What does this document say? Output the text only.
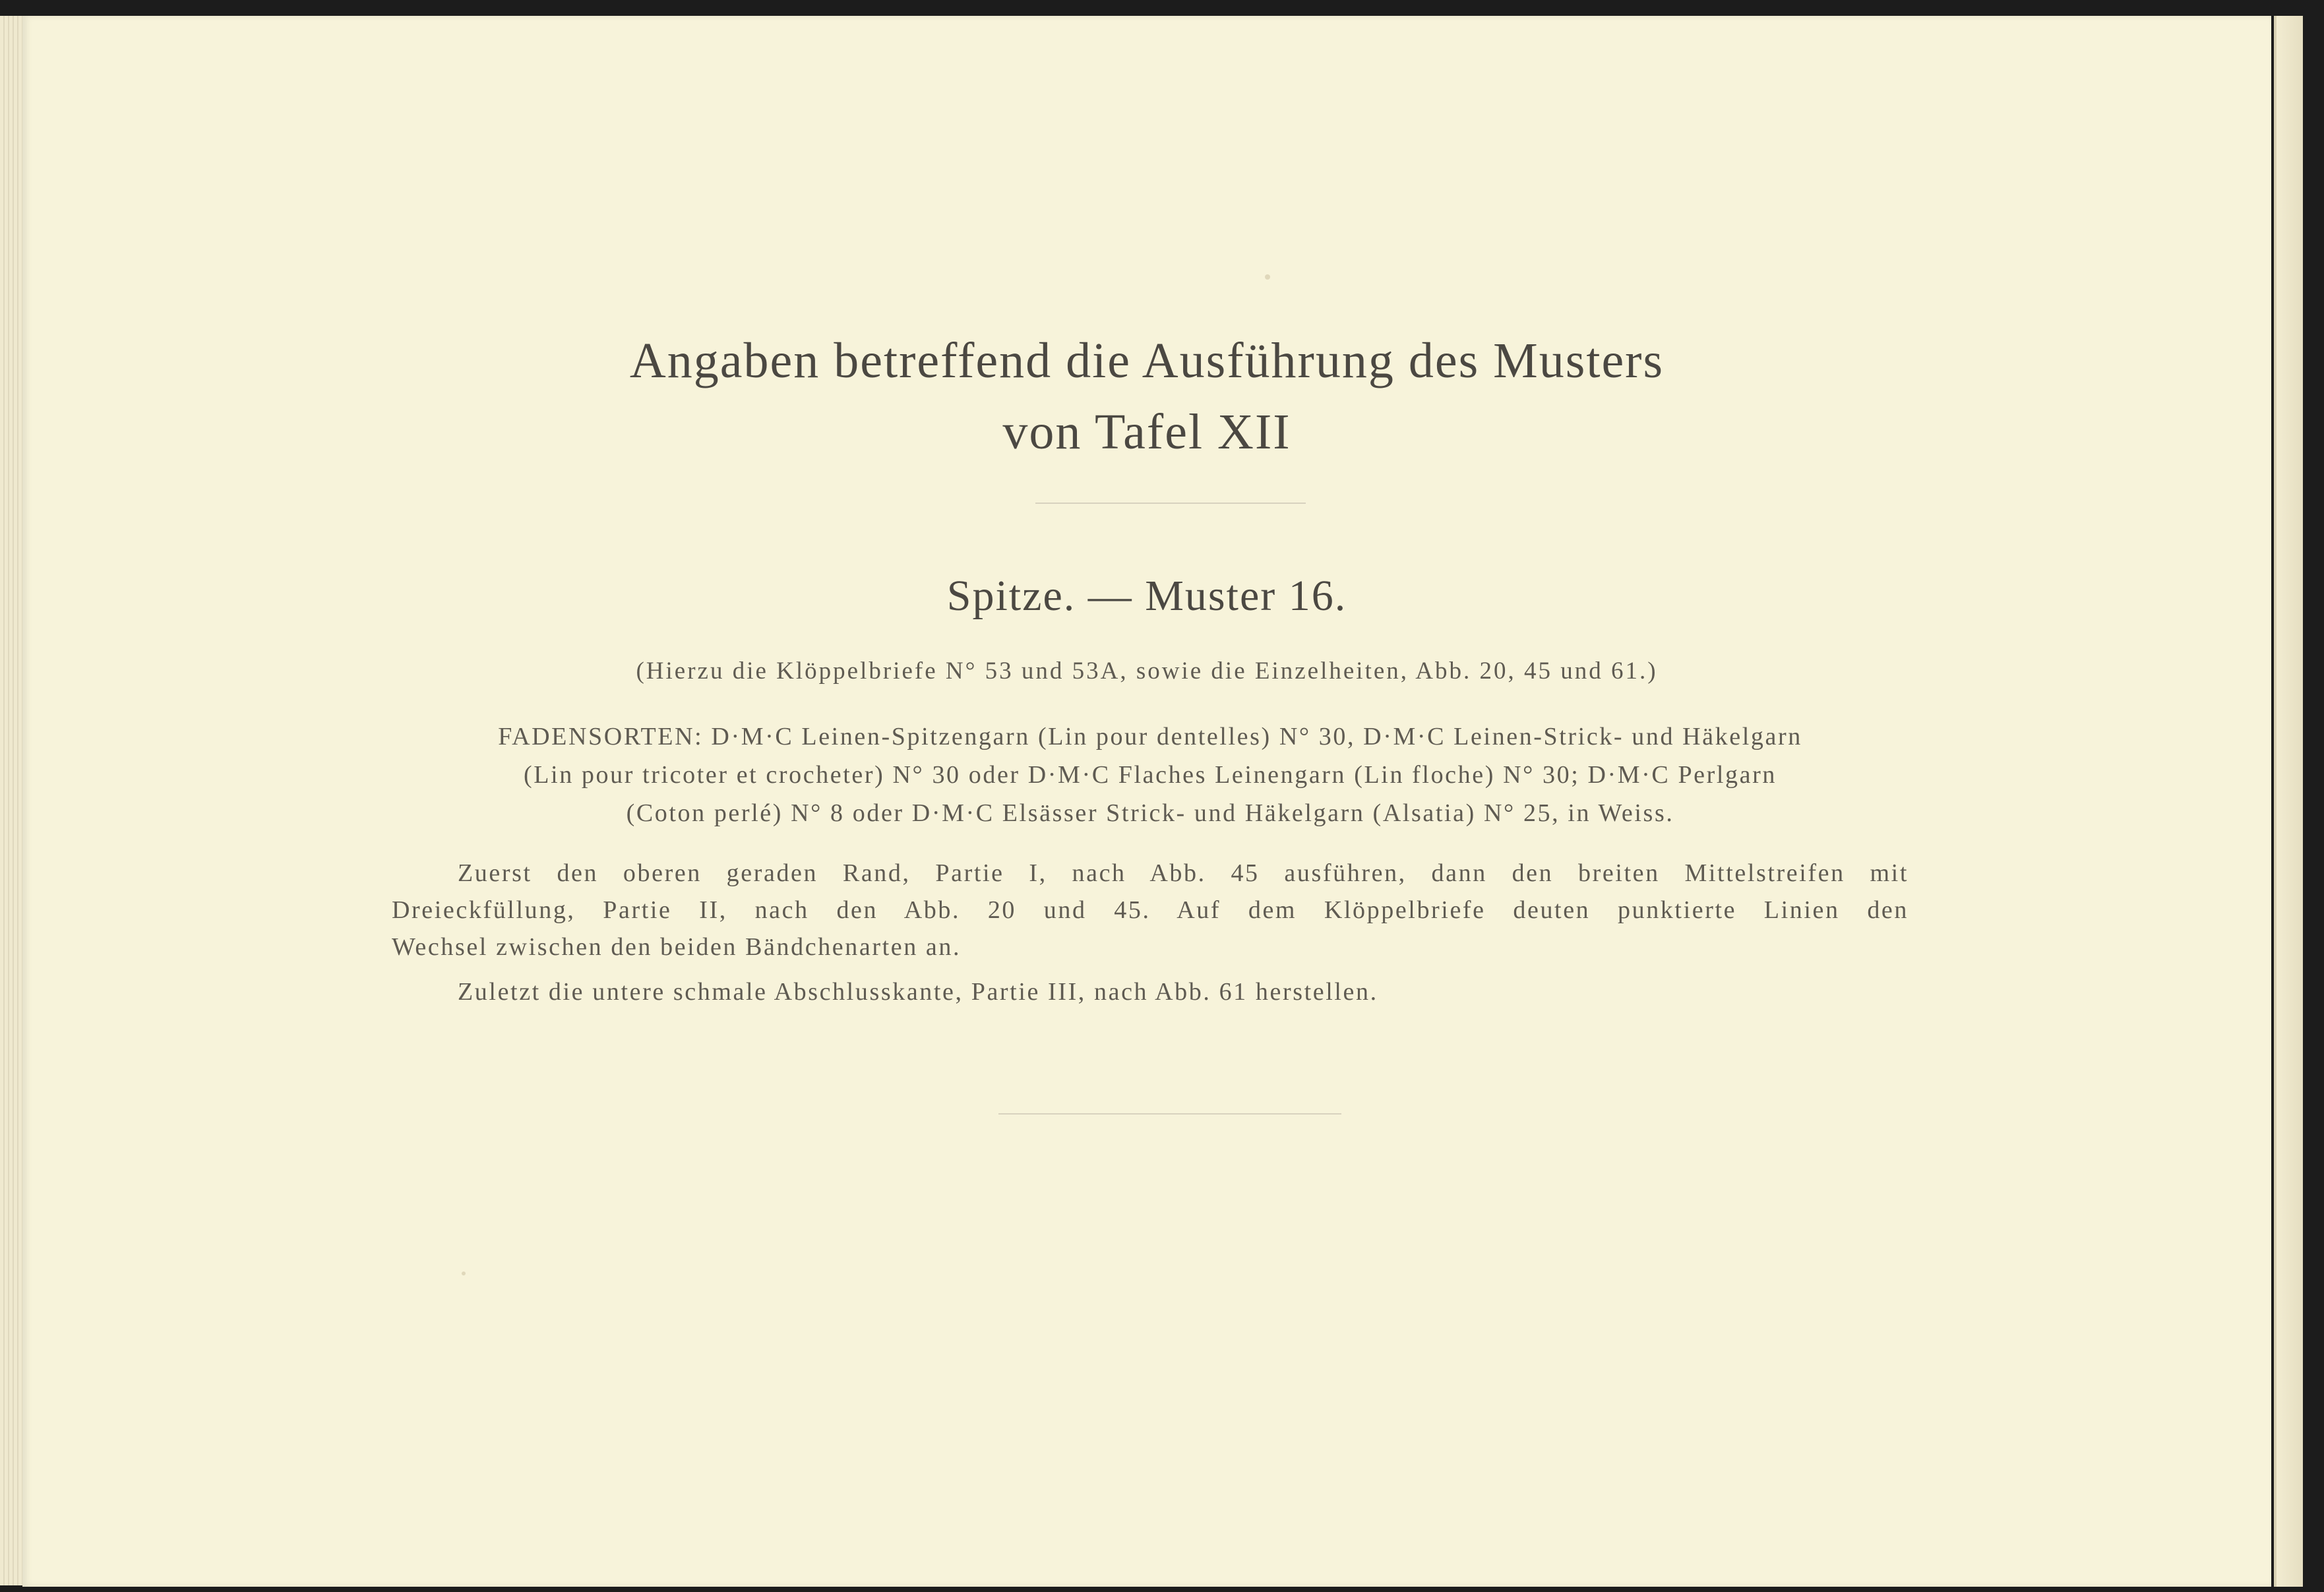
Angaben betreffend die Ausführung des Musters
von Tafel XII
Spitze. — Muster 16.
(Hierzu die Klöppelbriefe N° 53 und 53A, sowie die Einzelheiten, Abb. 20, 45 und 61.)
FADENSORTEN: D·M·C Leinen-Spitzengarn (Lin pour dentelles) N° 30, D·M·C Leinen-Strick- und Häkelgarn
(Lin pour tricoter et crocheter) N° 30 oder D·M·C Flaches Leinengarn (Lin floche) N° 30; D·M·C Perlgarn
(Coton perlé) N° 8 oder D·M·C Elsässer Strick- und Häkelgarn (Alsatia) N° 25, in Weiss.
Zuerst den oberen geraden Rand, Partie I, nach Abb. 45 ausführen, dann den breiten Mittelstreifen mit
Dreieckfüllung, Partie II, nach den Abb. 20 und 45. Auf dem Klöppelbriefe deuten punktierte Linien den
Wechsel zwischen den beiden Bändchenarten an.
Zuletzt die untere schmale Abschlusskante, Partie III, nach Abb. 61 herstellen.
